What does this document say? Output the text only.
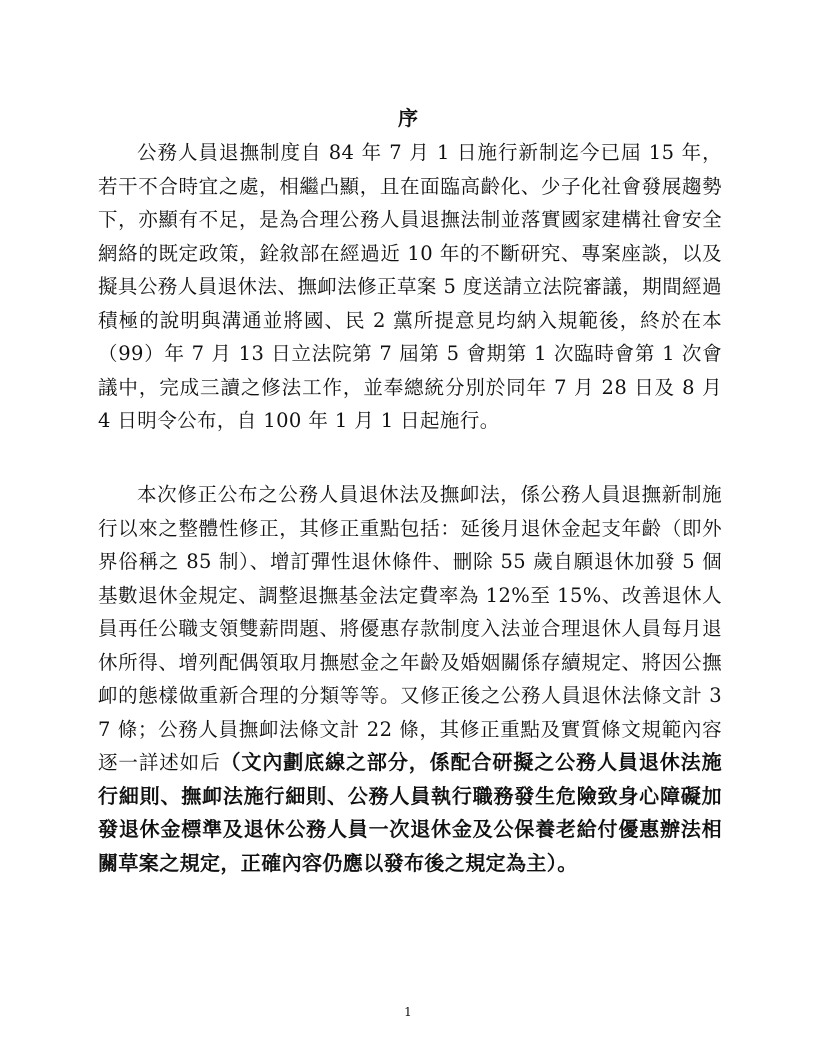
序

公務人員退撫制度自 84 年 7 月 1 日施行新制迄今已屆 15 年，若干不合時宜之處，相繼凸顯，且在面臨高齡化、少子化社會發展趨勢下，亦顯有不足，是為合理公務人員退撫法制並落實國家建構社會安全網絡的既定政策，銓敘部在經過近 10 年的不斷研究、專案座談，以及擬具公務人員退休法、撫卹法修正草案 5 度送請立法院審議，期間經過積極的說明與溝通並將國、民 2 黨所提意見均納入規範後，終於在本（99）年 7 月 13 日立法院第 7 屆第 5 會期第 1 次臨時會第 1 次會議中，完成三讀之修法工作，並奉總統分別於同年 7 月 28 日及 8 月 4 日明令公布，自 100 年 1 月 1 日起施行。

本次修正公布之公務人員退休法及撫卹法，係公務人員退撫新制施行以來之整體性修正，其修正重點包括：延後月退休金起支年齡（即外界俗稱之 85 制）、增訂彈性退休條件、刪除 55 歲自願退休加發 5 個基數退休金規定、調整退撫基金法定費率為 12%至 15%、改善退休人員再任公職支領雙薪問題、將優惠存款制度入法並合理退休人員每月退休所得、增列配偶領取月撫慰金之年齡及婚姻關係存續規定、將因公撫卹的態樣做重新合理的分類等等。又修正後之公務人員退休法條文計 37 條；公務人員撫卹法條文計 22 條，其修正重點及實質條文規範內容逐一詳述如后（文內劃底線之部分，係配合研擬之公務人員退休法施行細則、撫卹法施行細則、公務人員執行職務發生危險致身心障礙加發退休金標準及退休公務人員一次退休金及公保養老給付優惠辦法相關草案之規定，正確內容仍應以發布後之規定為主）。

1
